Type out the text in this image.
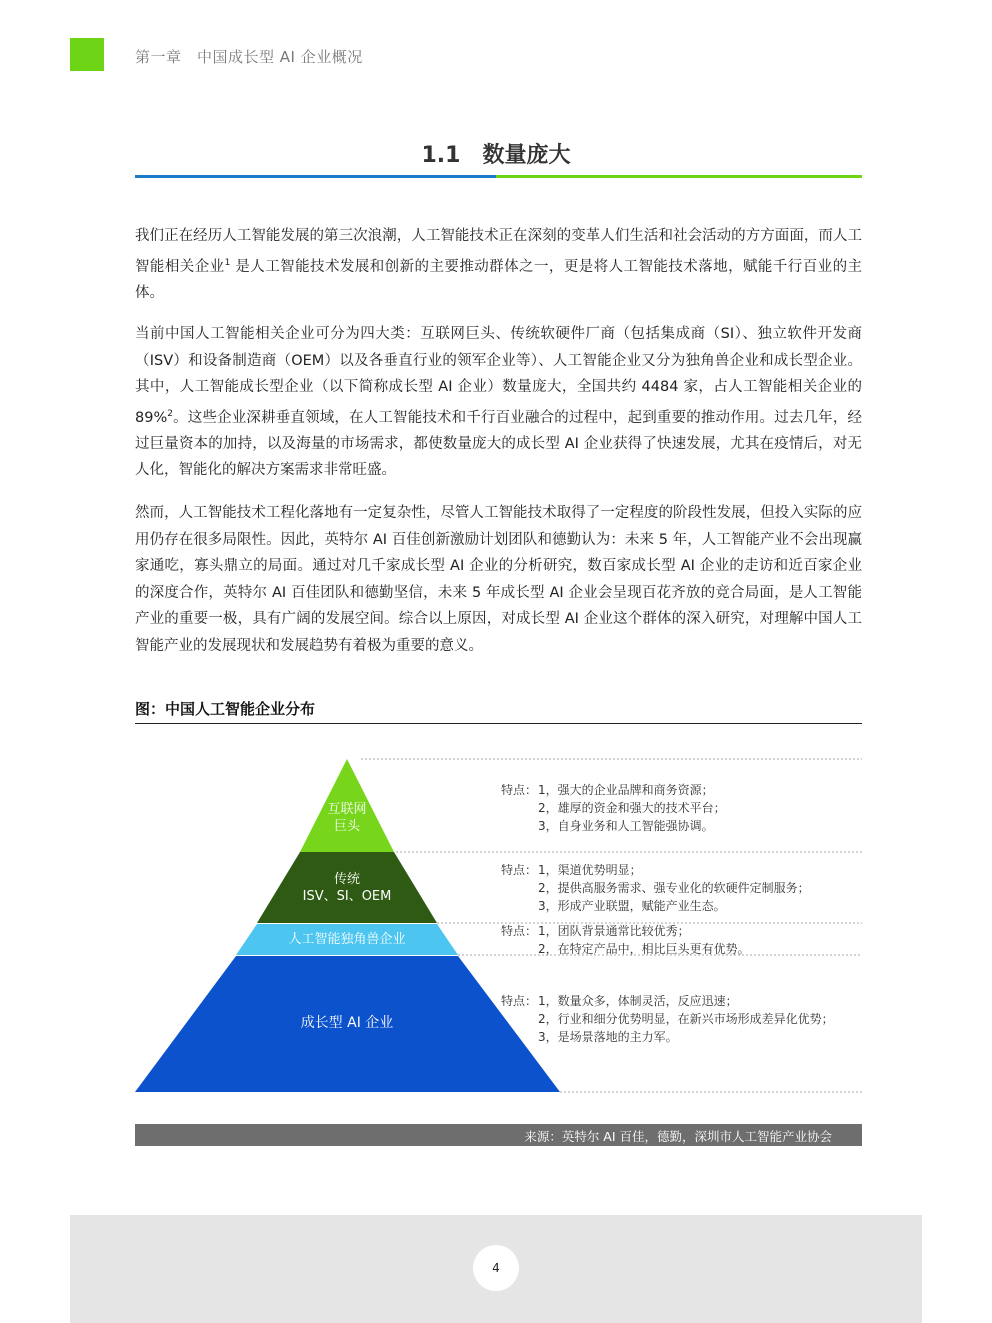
第一章　中国成长型 AI 企业概况
1.1　数量庞大
我们正在经历人工智能发展的第三次浪潮，人工智能技术正在深刻的变革人们生活和社会活动的方方面面，而人工智能相关企业$^1$ 是人工智能技术发展和创新的主要推动群体之一，更是将人工智能技术落地，赋能千行百业的主体。
当前中国人工智能相关企业可分为四大类：互联网巨头、传统软硬件厂商（包括集成商（SI）、独立软件开发商（ISV）和设备制造商（OEM）以及各垂直行业的领军企业等）、人工智能企业又分为独角兽企业和成长型企业。其中，人工智能成长型企业（以下简称成长型 AI 企业）数量庞大，全国共约 4484 家，占人工智能相关企业的 89%$^2$。这些企业深耕垂直领域，在人工智能技术和千行百业融合的过程中，起到重要的推动作用。过去几年，经过巨量资本的加持，以及海量的市场需求，都使数量庞大的成长型 AI 企业获得了快速发展，尤其在疫情后，对无人化，智能化的解决方案需求非常旺盛。
然而，人工智能技术工程化落地有一定复杂性，尽管人工智能技术取得了一定程度的阶段性发展，但投入实际的应用仍存在很多局限性。因此，英特尔 AI 百佳创新激励计划团队和德勤认为：未来 5 年，人工智能产业不会出现赢家通吃，寡头鼎立的局面。通过对几千家成长型 AI 企业的分析研究，数百家成长型 AI 企业的走访和近百家企业的深度合作，英特尔 AI 百佳团队和德勤坚信，未来 5 年成长型 AI 企业会呈现百花齐放的竞合局面，是人工智能产业的重要一极，具有广阔的发展空间。综合以上原因，对成长型 AI 企业这个群体的深入研究，对理解中国人工智能产业的发展现状和发展趋势有着极为重要的意义。
图：中国人工智能企业分布
互联网
巨头
传统
ISV、SI、OEM
人工智能独角兽企业
成长型 AI 企业
特点：1，强大的企业品牌和商务资源；
2，雄厚的资金和强大的技术平台；
3，自身业务和人工智能强协调。
特点：1，渠道优势明显；
2，提供高服务需求、强专业化的软硬件定制服务；
3，形成产业联盟，赋能产业生态。
特点：1，团队背景通常比较优秀；
2，在特定产品中，相比巨头更有优势。
特点：1，数量众多，体制灵活，反应迅速；
2，行业和细分优势明显，在新兴市场形成差异化优势；
3，是场景落地的主力军。
来源：英特尔 AI 百佳，德勤，深圳市人工智能产业协会
4
